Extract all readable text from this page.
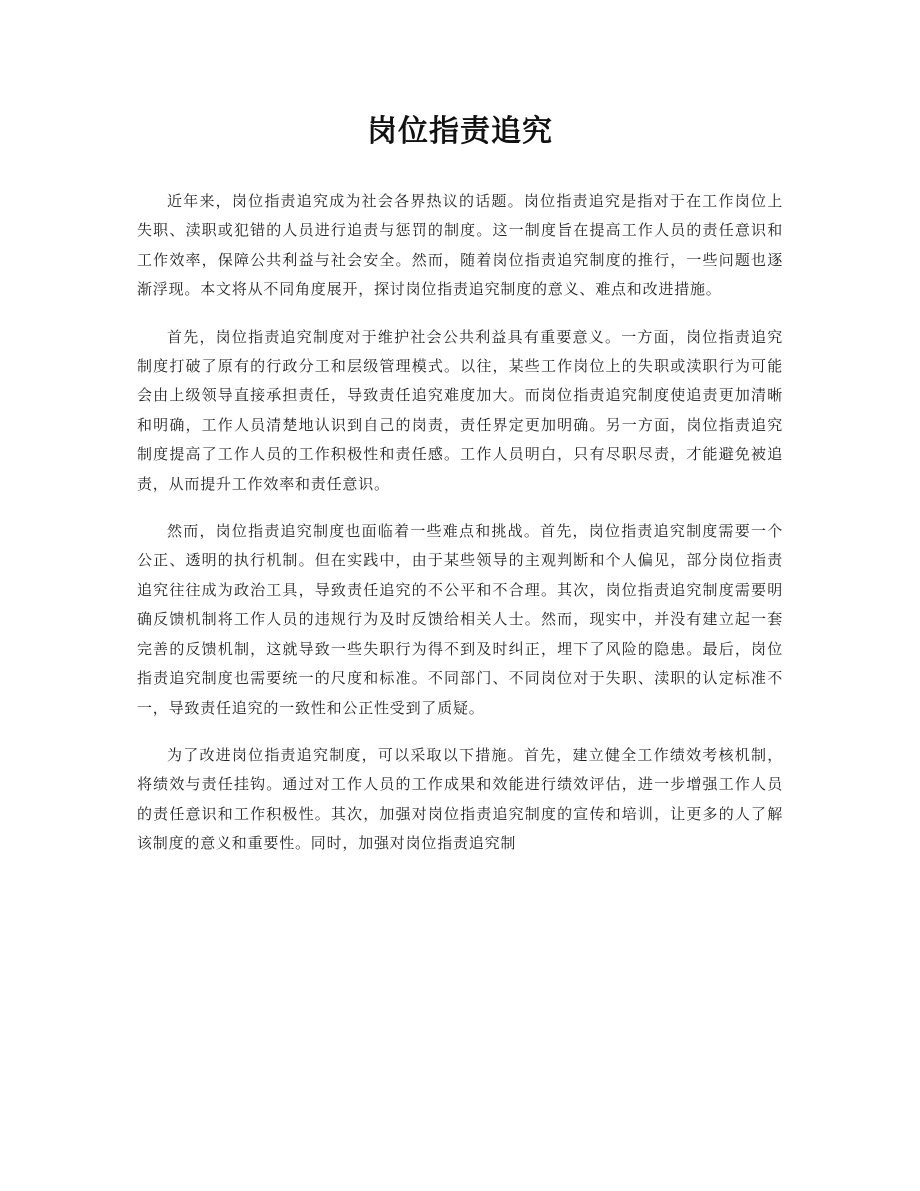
岗位指责追究

近年来，岗位指责追究成为社会各界热议的话题。岗位指责追究是指对于在工作岗位上失职、渎职或犯错的人员进行追责与惩罚的制度。这一制度旨在提高工作人员的责任意识和工作效率，保障公共利益与社会安全。然而，随着岗位指责追究制度的推行，一些问题也逐渐浮现。本文将从不同角度展开，探讨岗位指责追究制度的意义、难点和改进措施。

首先，岗位指责追究制度对于维护社会公共利益具有重要意义。一方面，岗位指责追究制度打破了原有的行政分工和层级管理模式。以往，某些工作岗位上的失职或渎职行为可能会由上级领导直接承担责任，导致责任追究难度加大。而岗位指责追究制度使追责更加清晰和明确，工作人员清楚地认识到自己的岗责，责任界定更加明确。另一方面，岗位指责追究制度提高了工作人员的工作积极性和责任感。工作人员明白，只有尽职尽责，才能避免被追责，从而提升工作效率和责任意识。

然而，岗位指责追究制度也面临着一些难点和挑战。首先，岗位指责追究制度需要一个公正、透明的执行机制。但在实践中，由于某些领导的主观判断和个人偏见，部分岗位指责追究往往成为政治工具，导致责任追究的不公平和不合理。其次，岗位指责追究制度需要明确反馈机制将工作人员的违规行为及时反馈给相关人士。然而，现实中，并没有建立起一套完善的反馈机制，这就导致一些失职行为得不到及时纠正，埋下了风险的隐患。最后，岗位指责追究制度也需要统一的尺度和标准。不同部门、不同岗位对于失职、渎职的认定标准不一，导致责任追究的一致性和公正性受到了质疑。

为了改进岗位指责追究制度，可以采取以下措施。首先，建立健全工作绩效考核机制，将绩效与责任挂钩。通过对工作人员的工作成果和效能进行绩效评估，进一步增强工作人员的责任意识和工作积极性。其次，加强对岗位指责追究制度的宣传和培训，让更多的人了解该制度的意义和重要性。同时，加强对岗位指责追究制
